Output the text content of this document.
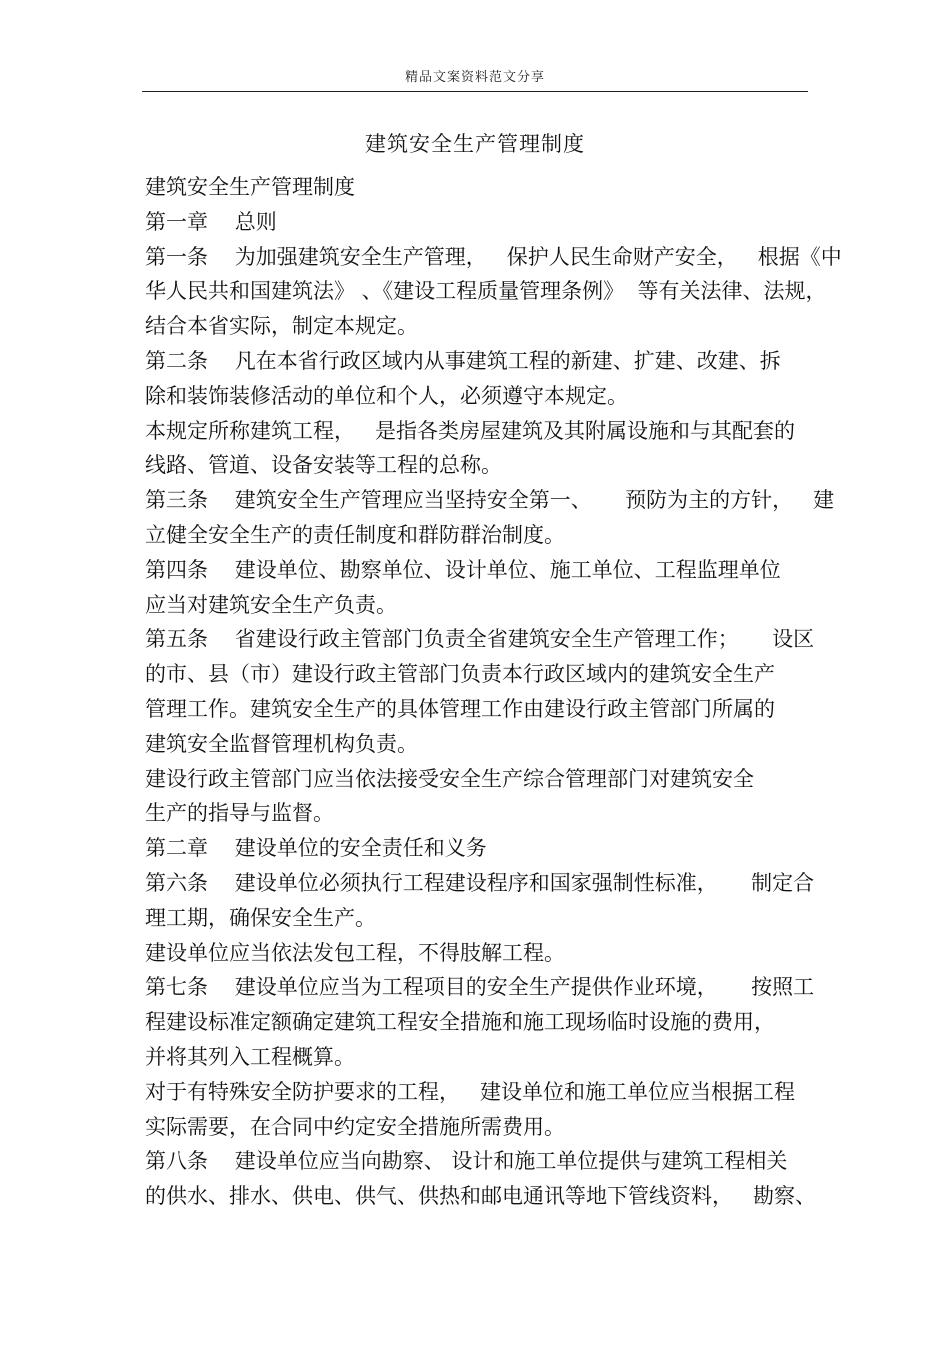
精品文案资料范文分享
建筑安全生产管理制度
建筑安全生产管理制度
第一章    总则
第一条    为加强建筑安全生产管理，   保护人民生命财产安全，   根据《中
华人民共和国建筑法》 、《建设工程质量管理条例》  等有关法律、法规，
结合本省实际，制定本规定。
第二条    凡在本省行政区域内从事建筑工程的新建、扩建、改建、拆
除和装饰装修活动的单位和个人，必须遵守本规定。
本规定所称建筑工程，   是指各类房屋建筑及其附属设施和与其配套的
线路、管道、设备安装等工程的总称。
第三条    建筑安全生产管理应当坚持安全第一、     预防为主的方针，   建
立健全安全生产的责任制度和群防群治制度。
第四条    建设单位、勘察单位、设计单位、施工单位、工程监理单位
应当对建筑安全生产负责。
第五条    省建设行政主管部门负责全省建筑安全生产管理工作；     设区
的市、县（市）建设行政主管部门负责本行政区域内的建筑安全生产
管理工作。建筑安全生产的具体管理工作由建设行政主管部门所属的
建筑安全监督管理机构负责。
建设行政主管部门应当依法接受安全生产综合管理部门对建筑安全
生产的指导与监督。
第二章    建设单位的安全责任和义务
第六条    建设单位必须执行工程建设程序和国家强制性标准，     制定合
理工期，确保安全生产。
建设单位应当依法发包工程，不得肢解工程。
第七条    建设单位应当为工程项目的安全生产提供作业环境，     按照工
程建设标准定额确定建筑工程安全措施和施工现场临时设施的费用，
并将其列入工程概算。
对于有特殊安全防护要求的工程，   建设单位和施工单位应当根据工程
实际需要，在合同中约定安全措施所需费用。
第八条    建设单位应当向勘察、 设计和施工单位提供与建筑工程相关
的供水、排水、供电、供气、供热和邮电通讯等地下管线资料，   勘察、
